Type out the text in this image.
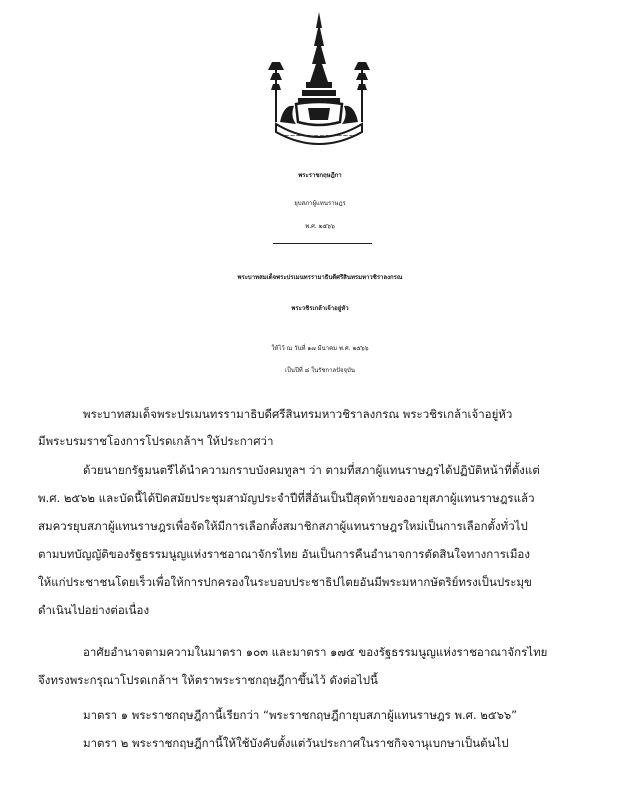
~~~~~~~~~~~~
พระราชกฤษฎีกา
ยุบสภาผู้แทนราษฎร
พ.ศ. ๒๕๖๖
พระบาทสมเด็จพระปรเมนทรรามาธิบดีศรีสินทรมหาวชิราลงกรณ
พระวชิรเกล้าเจ้าอยู่หัว
ให้ไว้ ณ วันที่ ๑๗ มีนาคม พ.ศ. ๒๕๖๖
เป็นปีที่ ๘ ในรัชกาลปัจจุบัน
พระบาทสมเด็จพระปรเมนทรรามาธิบดีศรีสินทรมหาวชิราลงกรณ พระวชิรเกล้าเจ้าอยู่หัว
มีพระบรมราชโองการโปรดเกล้าฯ ให้ประกาศว่า
ด้วยนายกรัฐมนตรีได้นำความกราบบังคมทูลฯ ว่า ตามที่สภาผู้แทนราษฎรได้ปฏิบัติหน้าที่ตั้งแต่
พ.ศ. ๒๕๖๒ และบัดนี้ได้ปิดสมัยประชุมสามัญประจำปีที่สี่อันเป็นปีสุดท้ายของอายุสภาผู้แทนราษฎรแล้ว
สมควรยุบสภาผู้แทนราษฎรเพื่อจัดให้มีการเลือกตั้งสมาชิกสภาผู้แทนราษฎรใหม่เป็นการเลือกตั้งทั่วไป
ตามบทบัญญัติของรัฐธรรมนูญแห่งราชอาณาจักรไทย อันเป็นการคืนอำนาจการตัดสินใจทางการเมือง
ให้แก่ประชาชนโดยเร็วเพื่อให้การปกครองในระบอบประชาธิปไตยอันมีพระมหากษัตริย์ทรงเป็นประมุข
ดำเนินไปอย่างต่อเนื่อง
อาศัยอำนาจตามความในมาตรา ๑๐๓ และมาตรา ๑๗๕ ของรัฐธรรมนูญแห่งราชอาณาจักรไทย
จึงทรงพระกรุณาโปรดเกล้าฯ ให้ตราพระราชกฤษฎีกาขึ้นไว้ ดังต่อไปนี้
มาตรา ๑ พระราชกฤษฎีกานี้เรียกว่า “พระราชกฤษฎีกายุบสภาผู้แทนราษฎร พ.ศ. ๒๕๖๖”
มาตรา ๒ พระราชกฤษฎีกานี้ให้ใช้บังคับตั้งแต่วันประกาศในราชกิจจานุเบกษาเป็นต้นไป
